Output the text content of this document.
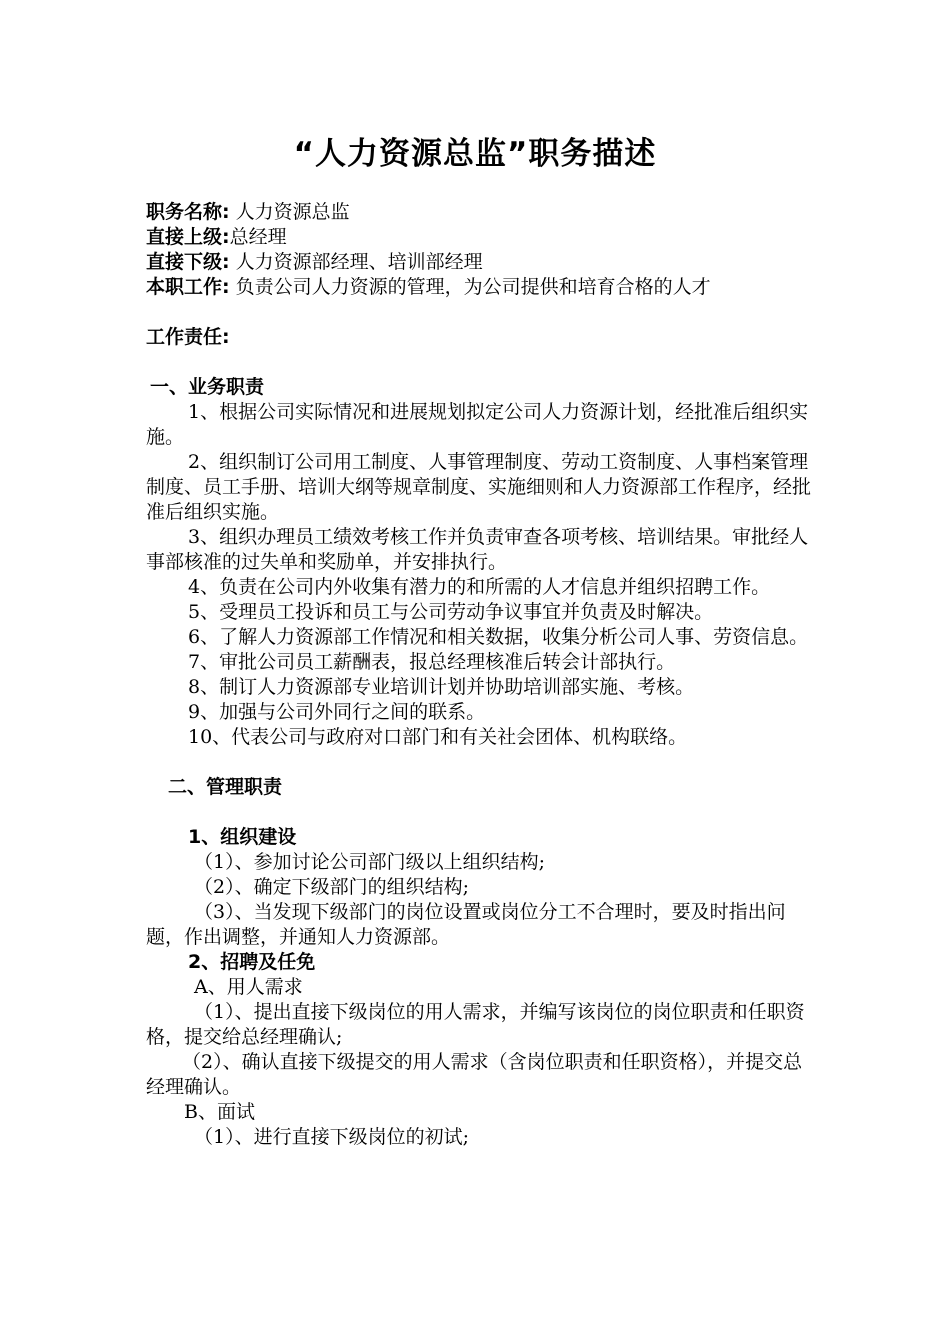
“人力资源总监”职务描述

职务名称: 人力资源总监

直接上级:总经理

直接下级: 人力资源部经理、培训部经理

本职工作: 负责公司人力资源的管理，为公司提供和培育合格的人才

工作责任:

一、业务职责

1、根据公司实际情况和进展规划拟定公司人力资源计划，经批准后组织实施。

2、组织制订公司用工制度、人事管理制度、劳动工资制度、人事档案管理制度、员工手册、培训大纲等规章制度、实施细则和人力资源部工作程序，经批准后组织实施。

3、组织办理员工绩效考核工作并负责审查各项考核、培训结果。审批经人事部核准的过失单和奖励单，并安排执行。

4、负责在公司内外收集有潜力的和所需的人才信息并组织招聘工作。

5、受理员工投诉和员工与公司劳动争议事宜并负责及时解决。

6、了解人力资源部工作情况和相关数据，收集分析公司人事、劳资信息。

7、审批公司员工薪酬表，报总经理核准后转会计部执行。

8、制订人力资源部专业培训计划并协助培训部实施、考核。

9、加强与公司外同行之间的联系。

10、代表公司与政府对口部门和有关社会团体、机构联络。

二、管理职责

1、组织建设

（1）、参加讨论公司部门级以上组织结构;

（2）、确定下级部门的组织结构;

（3）、当发现下级部门的岗位设置或岗位分工不合理时，要及时指出问题，作出调整，并通知人力资源部。

2、招聘及任免

A、用人需求

（1）、提出直接下级岗位的用人需求，并编写该岗位的岗位职责和任职资格，提交给总经理确认;

（2）、确认直接下级提交的用人需求（含岗位职责和任职资格），并提交总经理确认。

B、面试

（1）、进行直接下级岗位的初试;
